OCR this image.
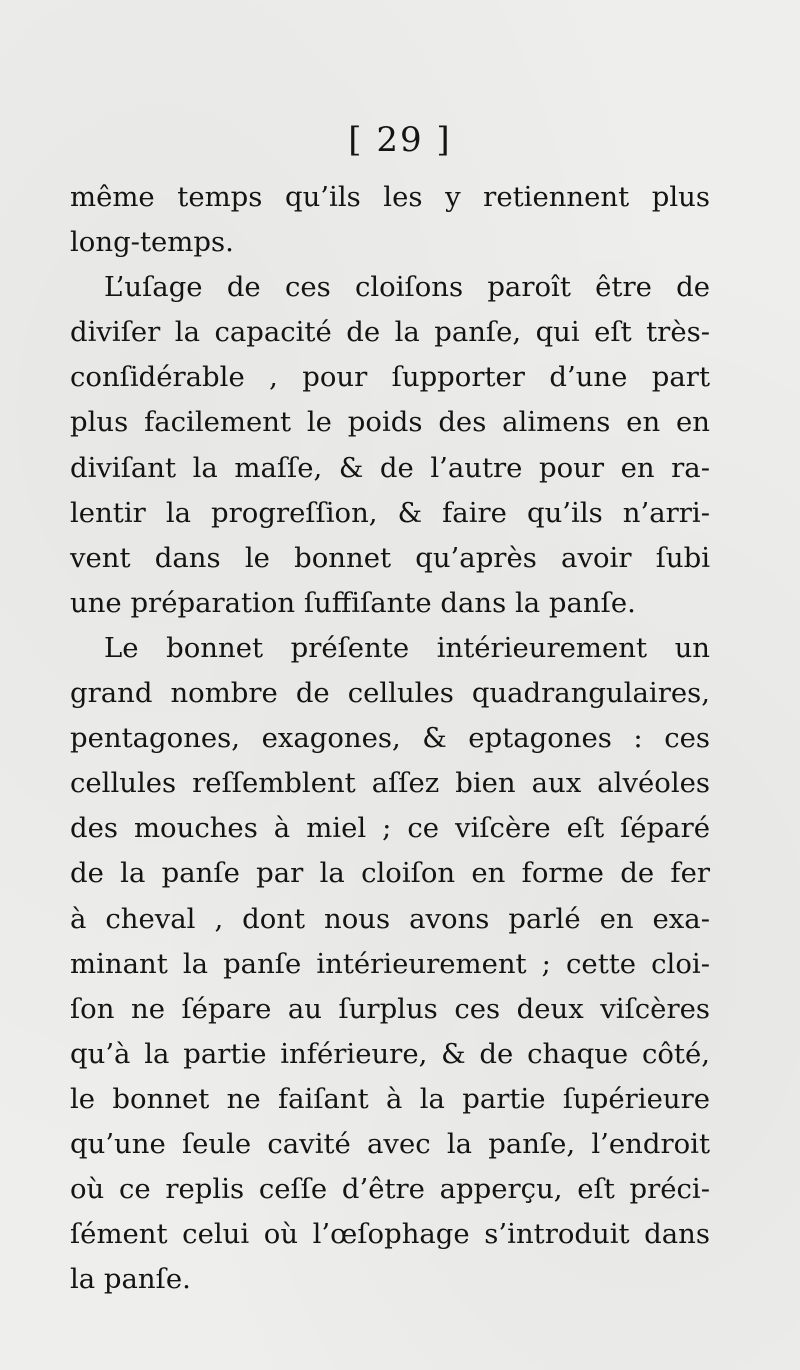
[ 29 ]
même temps qu’ils les y retiennent plus
long-temps.
L’uſage de ces cloiſons paroît être de
diviſer la capacité de la panſe, qui eſt très-
conſidérable , pour ſupporter d’une part
plus facilement le poids des alimens en en
diviſant la maſſe, & de l’autre pour en ra-
lentir la progreſſion, & faire qu’ils n’arri-
vent dans le bonnet qu’après avoir ſubi
une préparation ſuffiſante dans la panſe.
Le bonnet préſente intérieurement un
grand nombre de cellules quadrangulaires,
pentagones, exagones, & eptagones : ces
cellules reſſemblent aſſez bien aux alvéoles
des mouches à miel ; ce viſcère eſt ſéparé
de la panſe par la cloiſon en forme de fer
à cheval , dont nous avons parlé en exa-
minant la panſe intérieurement ; cette cloi-
ſon ne ſépare au ſurplus ces deux viſcères
qu’à la partie inférieure, & de chaque côté,
le bonnet ne faiſant à la partie ſupérieure
qu’une ſeule cavité avec la panſe, l’endroit
où ce replis ceſſe d’être apperçu, eſt préci-
ſément celui où l’œſophage s’introduit dans
la panſe.
